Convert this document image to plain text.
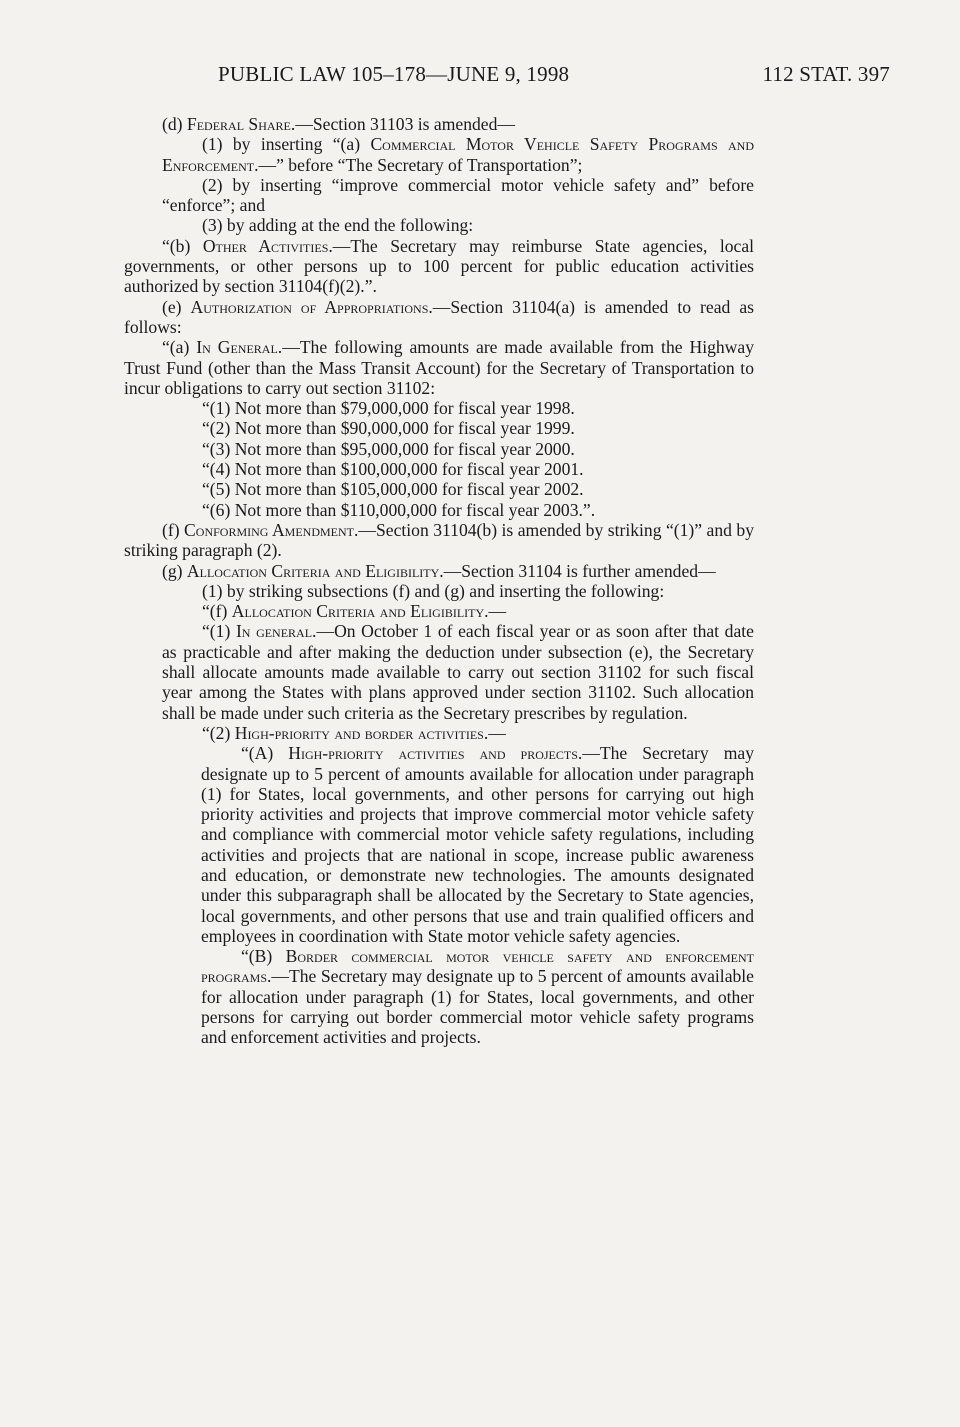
PUBLIC LAW 105–178—JUNE 9, 1998	112 STAT. 397

(d) Federal Share.—Section 31103 is amended—

(1) by inserting “(a) Commercial Motor Vehicle Safety Programs and Enforcement.—” before “The Secretary of Transportation”;

(2) by inserting “improve commercial motor vehicle safety and” before “enforce”; and

(3) by adding at the end the following:

“(b) Other Activities.—The Secretary may reimburse State agencies, local governments, or other persons up to 100 percent for public education activities authorized by section 31104(f)(2).”.

(e) Authorization of Appropriations.—Section 31104(a) is amended to read as follows:

“(a) In General.—The following amounts are made available from the Highway Trust Fund (other than the Mass Transit Account) for the Secretary of Transportation to incur obligations to carry out section 31102:

“(1) Not more than $79,000,000 for fiscal year 1998.

“(2) Not more than $90,000,000 for fiscal year 1999.

“(3) Not more than $95,000,000 for fiscal year 2000.

“(4) Not more than $100,000,000 for fiscal year 2001.

“(5) Not more than $105,000,000 for fiscal year 2002.

“(6) Not more than $110,000,000 for fiscal year 2003.”.

(f) Conforming Amendment.—Section 31104(b) is amended by striking “(1)” and by striking paragraph (2).

(g) Allocation Criteria and Eligibility.—Section 31104 is further amended—

(1) by striking subsections (f) and (g) and inserting the following:

“(f) Allocation Criteria and Eligibility.—

“(1) In general.—On October 1 of each fiscal year or as soon after that date as practicable and after making the deduction under subsection (e), the Secretary shall allocate amounts made available to carry out section 31102 for such fiscal year among the States with plans approved under section 31102. Such allocation shall be made under such criteria as the Secretary prescribes by regulation.

“(2) High-priority and border activities.—

“(A) High-priority activities and projects.—The Secretary may designate up to 5 percent of amounts available for allocation under paragraph (1) for States, local governments, and other persons for carrying out high priority activities and projects that improve commercial motor vehicle safety and compliance with commercial motor vehicle safety regulations, including activities and projects that are national in scope, increase public awareness and education, or demonstrate new technologies. The amounts designated under this subparagraph shall be allocated by the Secretary to State agencies, local governments, and other persons that use and train qualified officers and employees in coordination with State motor vehicle safety agencies.

“(B) Border commercial motor vehicle safety and enforcement programs.—The Secretary may designate up to 5 percent of amounts available for allocation under paragraph (1) for States, local governments, and other persons for carrying out border commercial motor vehicle safety programs and enforcement activities and projects.
